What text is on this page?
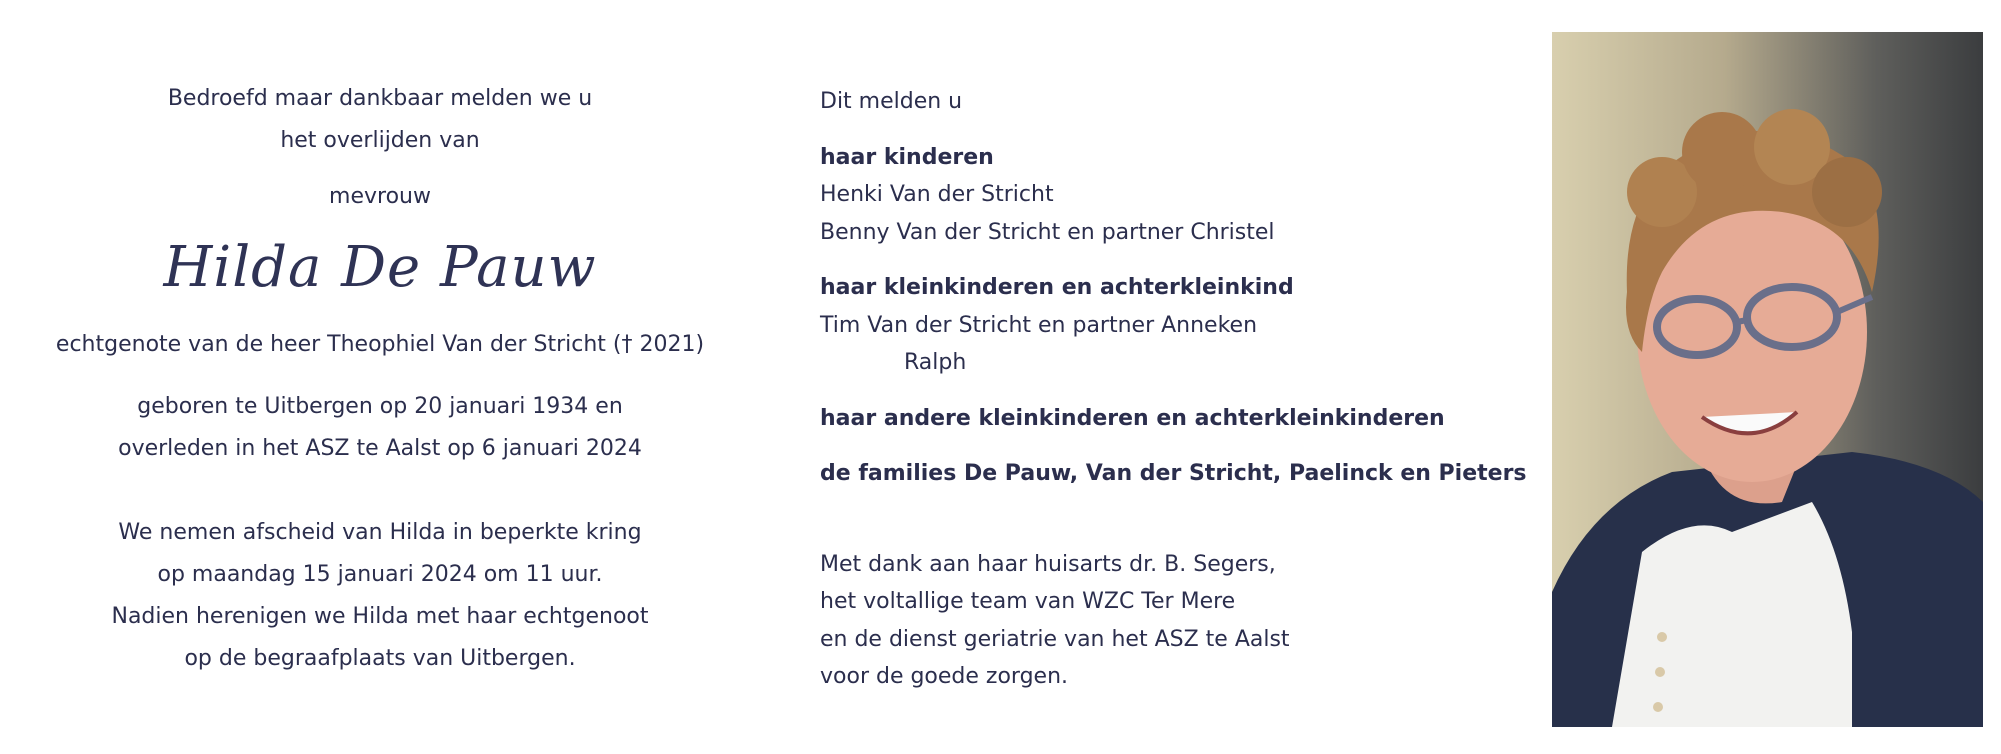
Bedroefd maar dankbaar melden we u
het overlijden van
mevrouw
Hilda De Pauw
echtgenote van de heer Theophiel Van der Stricht († 2021)
geboren te Uitbergen op 20 januari 1934 en
overleden in het ASZ te Aalst op 6 januari 2024
We nemen afscheid van Hilda in beperkte kring
op maandag 15 januari 2024 om 11 uur.
Nadien herenigen we Hilda met haar echtgenoot
op de begraafplaats van Uitbergen.
Dit melden u
haar kinderen
Henki Van der Stricht
Benny Van der Stricht en partner Christel
haar kleinkinderen en achterkleinkind
Tim Van der Stricht en partner Anneken
Ralph
haar andere kleinkinderen en achterkleinkinderen
de families De Pauw, Van der Stricht, Paelinck en Pieters
Met dank aan haar huisarts dr. B. Segers,
het voltallige team van WZC Ter Mere
en de dienst geriatrie van het ASZ te Aalst
voor de goede zorgen.
